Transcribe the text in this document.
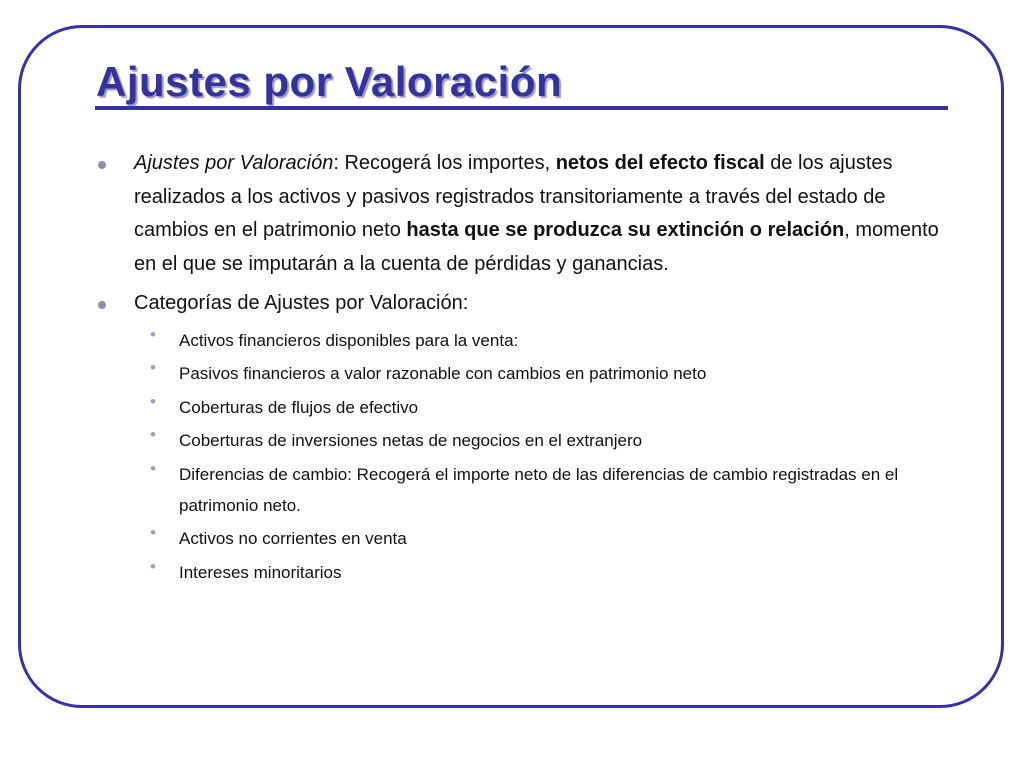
Ajustes por Valoración
Ajustes por Valoración: Recogerá los importes, netos del efecto fiscal de los ajustes realizados a los activos y pasivos registrados transitoriamente a través del estado de cambios en el patrimonio neto hasta que se produzca su extinción o relación, momento en el que se imputarán a la cuenta de pérdidas y ganancias.
Categorías de Ajustes por Valoración:
• Activos financieros disponibles para la venta:
• Pasivos financieros a valor razonable con cambios en patrimonio neto
• Coberturas de flujos de efectivo
• Coberturas de inversiones netas de negocios en el extranjero
• Diferencias de cambio: Recogerá el importe neto de las diferencias de cambio registradas en el patrimonio neto.
• Activos no corrientes en venta
• Intereses minoritarios
